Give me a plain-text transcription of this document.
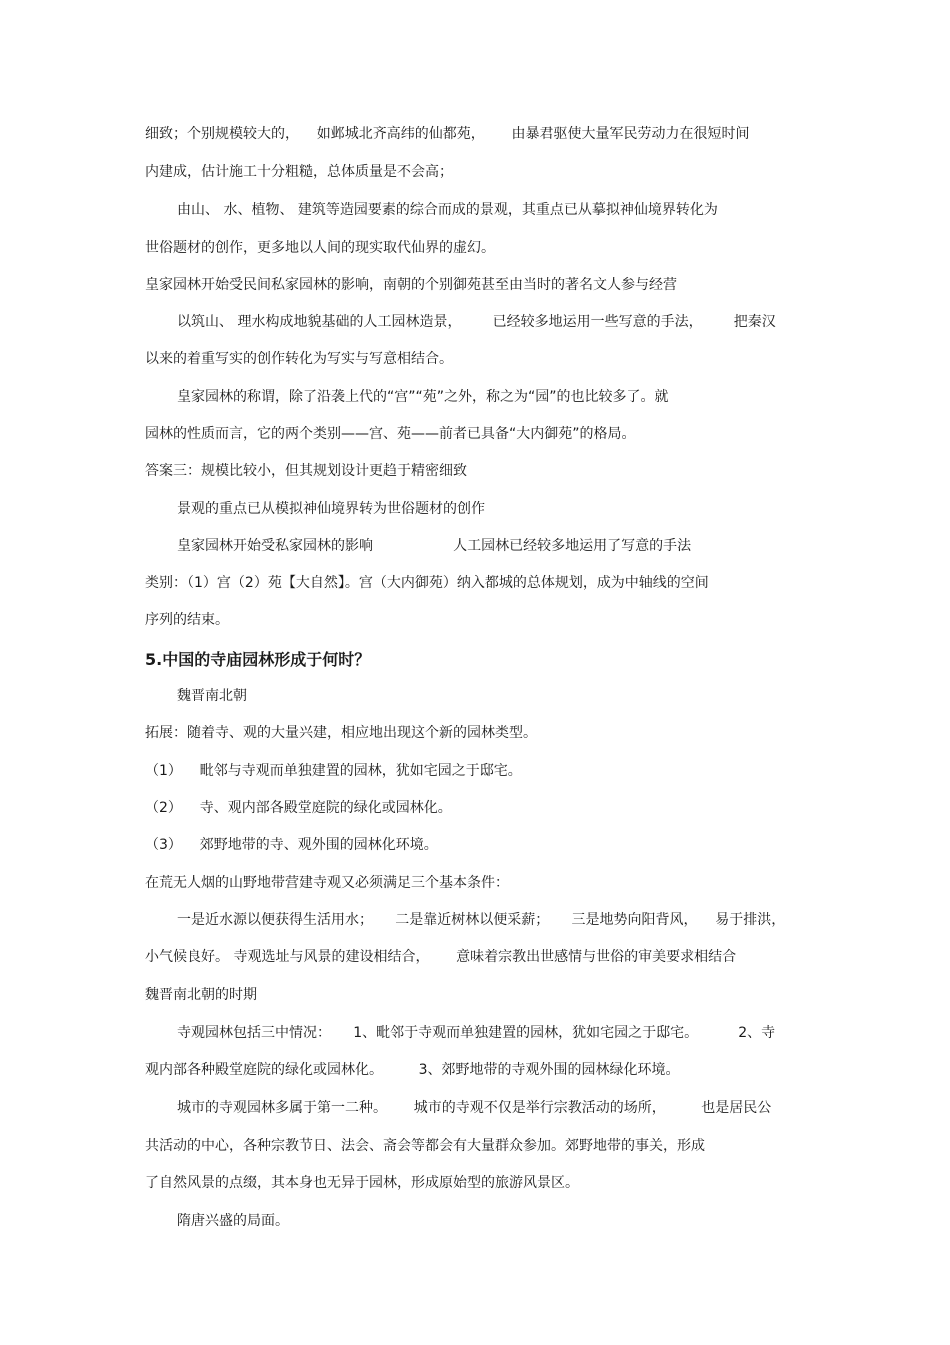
细致；个别规模较大的，    如邺城北齐高纬的仙都苑，      由暴君驱使大量军民劳动力在很短时间
内建成，估计施工十分粗糙，总体质量是不会高；
由山、 水、植物、 建筑等造园要素的综合而成的景观，其重点已从摹拟神仙境界转化为
世俗题材的创作，更多地以人间的现实取代仙界的虚幻。
皇家园林开始受民间私家园林的影响，南朝的个别御苑甚至由当时的著名文人参与经营
以筑山、 理水构成地貌基础的人工园林造景，       已经较多地运用一些写意的手法，       把秦汉
以来的着重写实的创作转化为写实与写意相结合。
皇家园林的称谓，除了沿袭上代的“宫”“苑”之外，称之为“园”的也比较多了。就
园林的性质而言，它的两个类别——宫、苑——前者已具备“大内御苑”的格局。
答案三：规模比较小，但其规划设计更趋于精密细致
景观的重点已从模拟神仙境界转为世俗题材的创作
皇家园林开始受私家园林的影响                  人工园林已经较多地运用了写意的手法
类别：（1）宫（2）苑【大自然】。宫（大内御苑）纳入都城的总体规划，成为中轴线的空间
序列的结束。
5.中国的寺庙园林形成于何时？
魏晋南北朝
拓展：随着寺、观的大量兴建，相应地出现这个新的园林类型。
（1）    毗邻与寺观而单独建置的园林，犹如宅园之于邸宅。
（2）    寺、观内部各殿堂庭院的绿化或园林化。
（3）    郊野地带的寺、观外围的园林化环境。
在荒无人烟的山野地带营建寺观又必须满足三个基本条件：
一是近水源以便获得生活用水；     二是靠近树林以便采薪；     三是地势向阳背风，    易于排洪，
小气候良好。 寺观选址与风景的建设相结合，      意味着宗教出世感情与世俗的审美要求相结合
魏晋南北朝的时期
寺观园林包括三中情况：     1、毗邻于寺观而单独建置的园林，犹如宅园之于邸宅。         2、寺
观内部各种殿堂庭院的绿化或园林化。        3、郊野地带的寺观外围的园林绿化环境。
城市的寺观园林多属于第一二种。      城市的寺观不仅是举行宗教活动的场所，        也是居民公
共活动的中心，各种宗教节日、法会、斋会等都会有大量群众参加。郊野地带的事关，形成
了自然风景的点缀，其本身也无异于园林，形成原始型的旅游风景区。
隋唐兴盛的局面。
